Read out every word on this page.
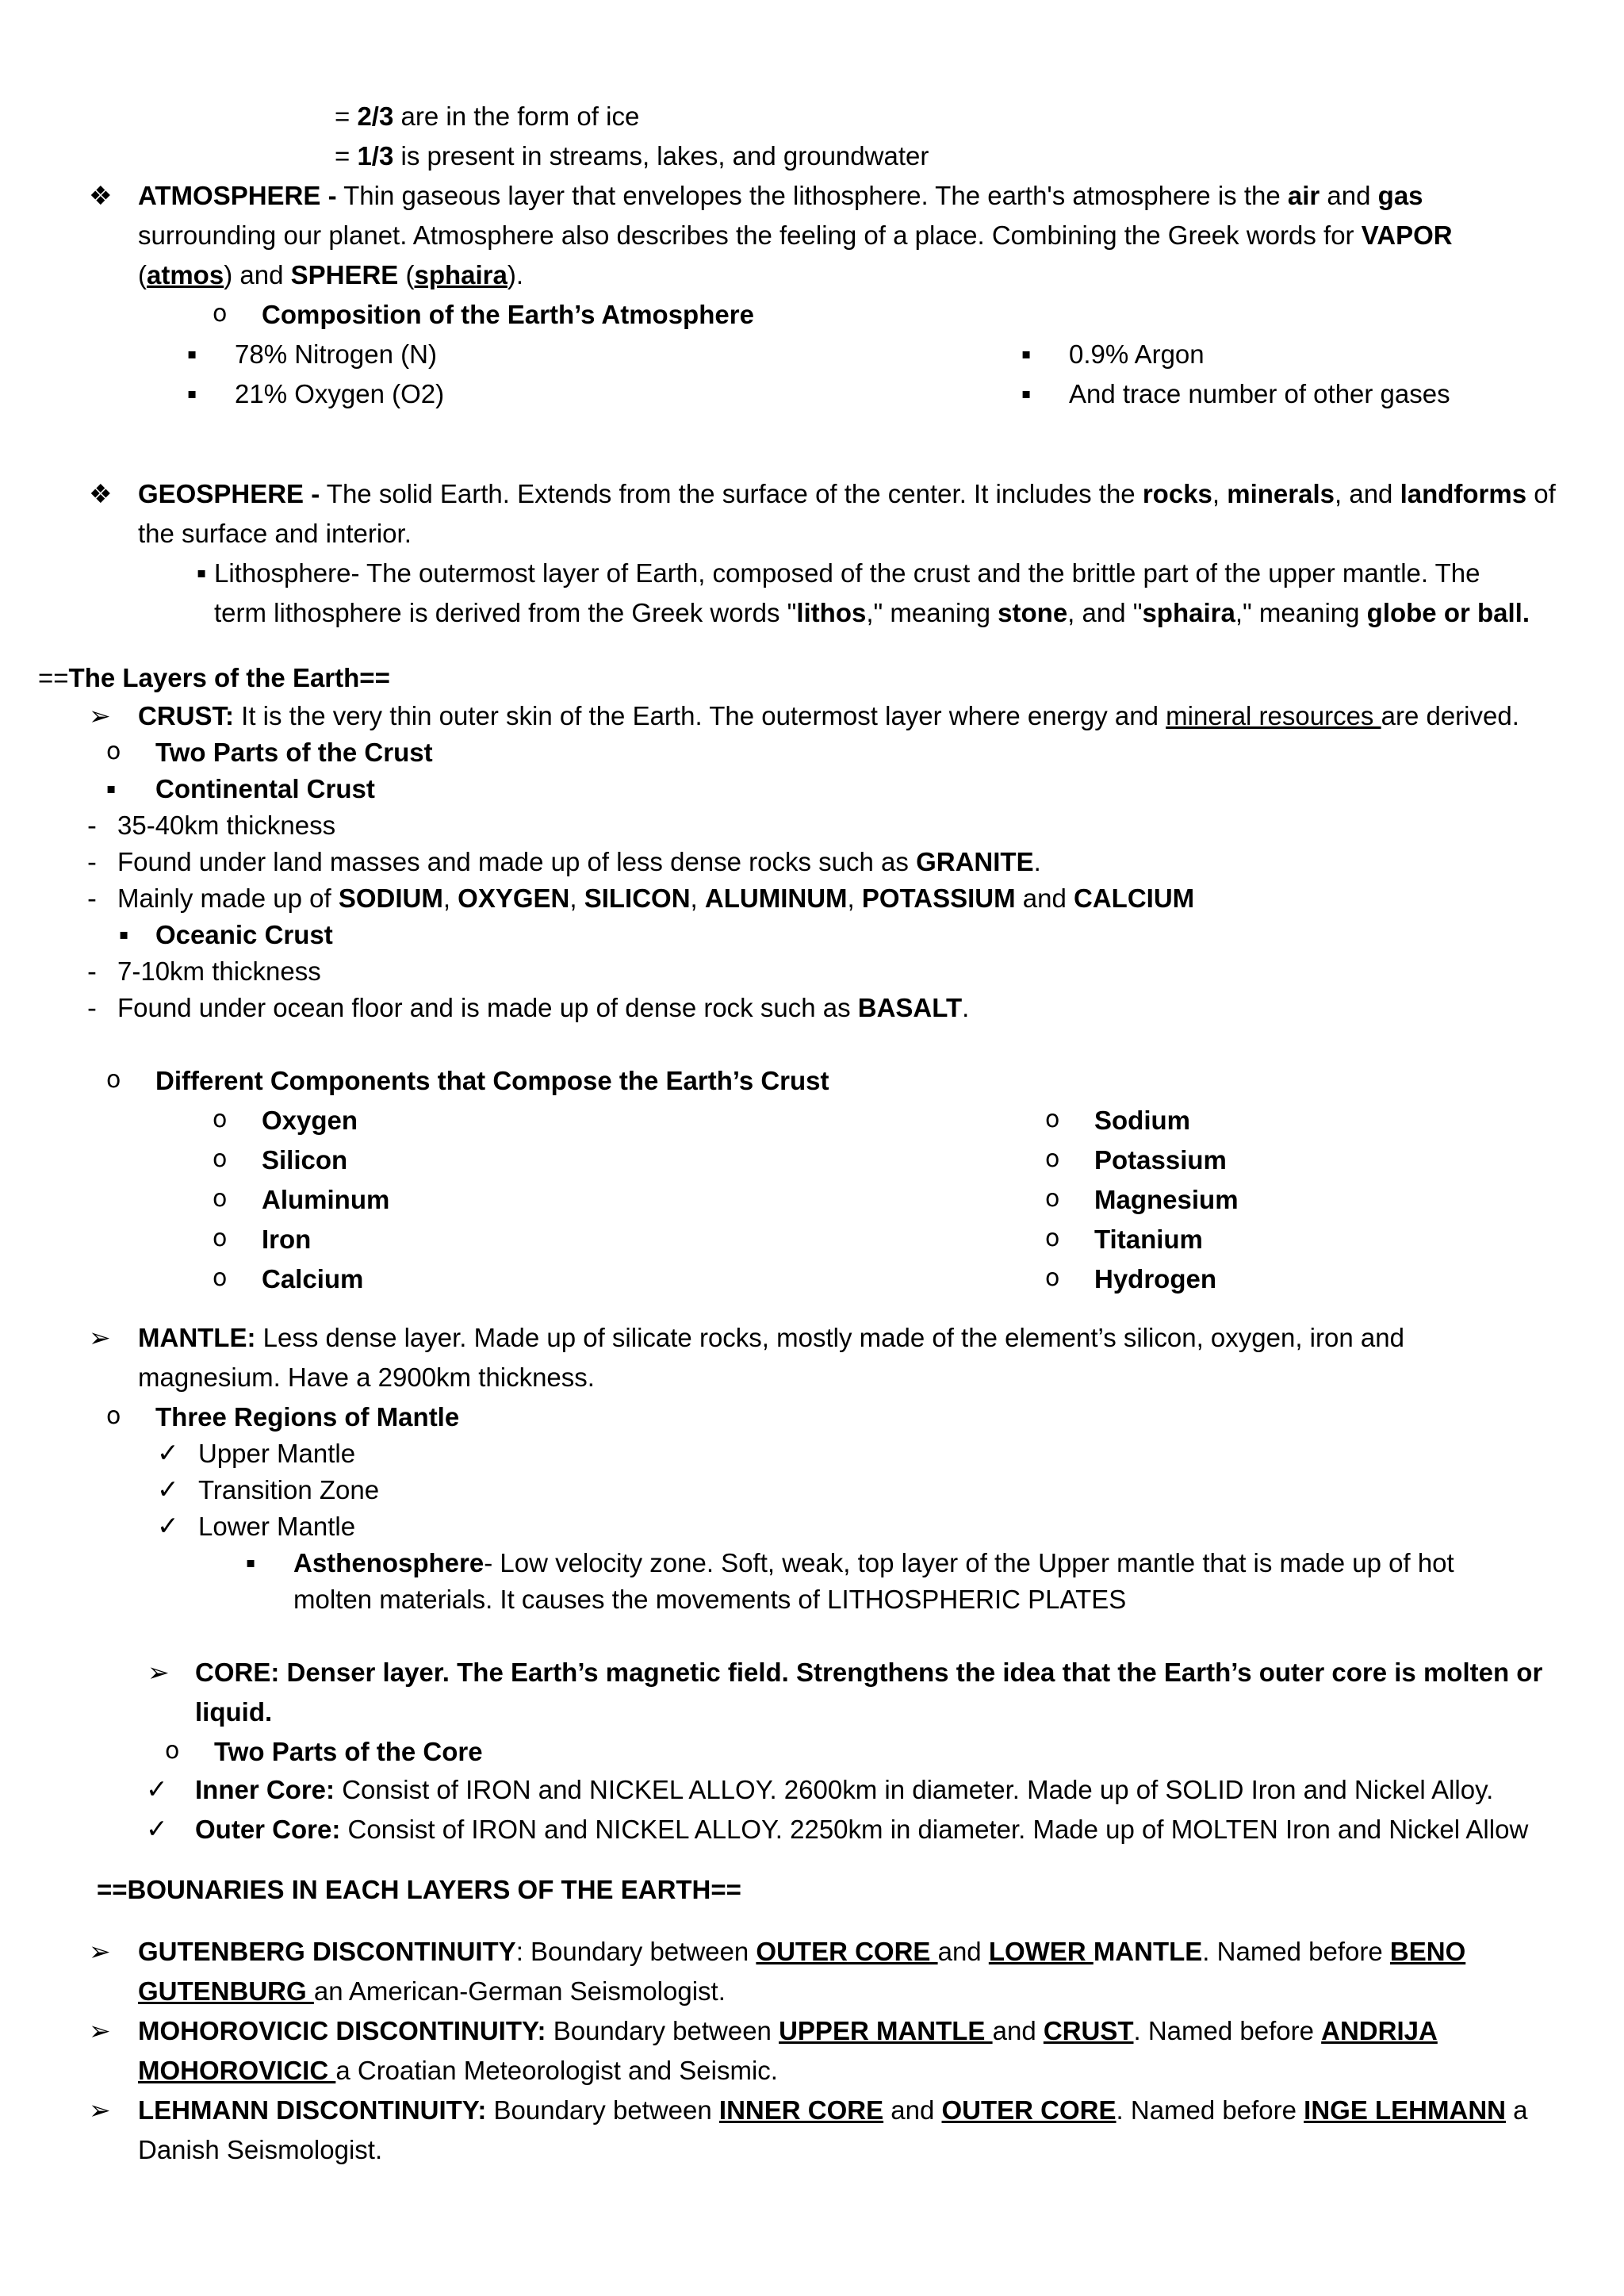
= 2/3 are in the form of ice
= 1/3 is present in streams, lakes, and groundwater
❖ ATMOSPHERE - Thin gaseous layer that envelopes the lithosphere. The earth's atmosphere is the air and gas
surrounding our planet. Atmosphere also describes the feeling of a place. Combining the Greek words for VAPOR
(atmos) and SPHERE (sphaira).
o Composition of the Earth’s Atmosphere
▪ 78% Nitrogen (N)
▪ 21% Oxygen (O2)
▪ 0.9% Argon
▪ And trace number of other gases
❖ GEOSPHERE - The solid Earth. Extends from the surface of the center. It includes the rocks, minerals, and landforms of
the surface and interior.
▪ Lithosphere- The outermost layer of Earth, composed of the crust and the brittle part of the upper mantle. The
term lithosphere is derived from the Greek words "lithos," meaning stone, and "sphaira," meaning globe or ball.
==The Layers of the Earth==
➢ CRUST: It is the very thin outer skin of the Earth. The outermost layer where energy and mineral resources are derived.
o Two Parts of the Crust
▪ Continental Crust
- 35-40km thickness
- Found under land masses and made up of less dense rocks such as GRANITE.
- Mainly made up of SODIUM, OXYGEN, SILICON, ALUMINUM, POTASSIUM and CALCIUM
▪ Oceanic Crust
- 7-10km thickness
- Found under ocean floor and is made up of dense rock such as BASALT.
o Different Components that Compose the Earth’s Crust
o Oxygen
o Silicon
o Aluminum
o Iron
o Calcium
o Sodium
o Potassium
o Magnesium
o Titanium
o Hydrogen
➢ MANTLE: Less dense layer. Made up of silicate rocks, mostly made of the element’s silicon, oxygen, iron and
magnesium. Have a 2900km thickness.
o Three Regions of Mantle
✓ Upper Mantle
✓ Transition Zone
✓ Lower Mantle
▪ Asthenosphere- Low velocity zone. Soft, weak, top layer of the Upper mantle that is made up of hot
molten materials. It causes the movements of LITHOSPHERIC PLATES
➢ CORE: Denser layer. The Earth’s magnetic field. Strengthens the idea that the Earth’s outer core is molten or
liquid.
o Two Parts of the Core
✓ Inner Core: Consist of IRON and NICKEL ALLOY. 2600km in diameter. Made up of SOLID Iron and Nickel Alloy.
✓ Outer Core: Consist of IRON and NICKEL ALLOY. 2250km in diameter. Made up of MOLTEN Iron and Nickel Allow
==BOUNARIES IN EACH LAYERS OF THE EARTH==
➢ GUTENBERG DISCONTINUITY: Boundary between OUTER CORE and LOWER MANTLE. Named before BENO
GUTENBURG an American-German Seismologist.
➢ MOHOROVICIC DISCONTINUITY: Boundary between UPPER MANTLE and CRUST. Named before ANDRIJA
MOHOROVICIC a Croatian Meteorologist and Seismic.
➢ LEHMANN DISCONTINUITY: Boundary between INNER CORE and OUTER CORE. Named before INGE LEHMANN a
Danish Seismologist.
